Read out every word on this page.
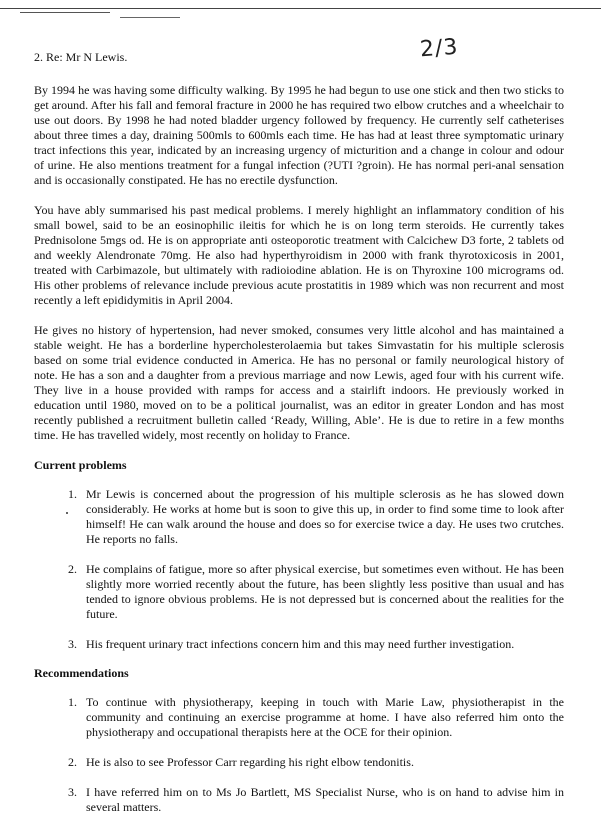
2/3
2. Re: Mr N Lewis.

By 1994 he was having some difficulty walking. By 1995 he had begun to use one stick and then two sticks to get around. After his fall and femoral fracture in 2000 he has required two elbow crutches and a wheelchair to use out doors. By 1998 he had noted bladder urgency followed by frequency. He currently self catheterises about three times a day, draining 500mls to 600mls each time. He has had at least three symptomatic urinary tract infections this year, indicated by an increasing urgency of micturition and a change in colour and odour of urine. He also mentions treatment for a fungal infection (?UTI ?groin). He has normal peri-anal sensation and is occasionally constipated. He has no erectile dysfunction.

You have ably summarised his past medical problems. I merely highlight an inflammatory condition of his small bowel, said to be an eosinophilic ileitis for which he is on long term steroids. He currently takes Prednisolone 5mgs od. He is on appropriate anti osteoporotic treatment with Calcichew D3 forte, 2 tablets od and weekly Alendronate 70mg. He also had hyperthyroidism in 2000 with frank thyrotoxicosis in 2001, treated with Carbimazole, but ultimately with radioiodine ablation. He is on Thyroxine 100 micrograms od. His other problems of relevance include previous acute prostatitis in 1989 which was non recurrent and most recently a left epididymitis in April 2004.

He gives no history of hypertension, had never smoked, consumes very little alcohol and has maintained a stable weight. He has a borderline hypercholesterolaemia but takes Simvastatin for his multiple sclerosis based on some trial evidence conducted in America. He has no personal or family neurological history of note. He has a son and a daughter from a previous marriage and now Lewis, aged four with his current wife. They live in a house provided with ramps for access and a stairlift indoors. He previously worked in education until 1980, moved on to be a political journalist, was an editor in greater London and has most recently published a recruitment bulletin called ‘Ready, Willing, Able’. He is due to retire in a few months time. He has travelled widely, most recently on holiday to France.

Current problems
1. Mr Lewis is concerned about the progression of his multiple sclerosis as he has slowed down considerably. He works at home but is soon to give this up, in order to find some time to look after himself! He can walk around the house and does so for exercise twice a day. He uses two crutches. He reports no falls.
2. He complains of fatigue, more so after physical exercise, but sometimes even without. He has been slightly more worried recently about the future, has been slightly less positive than usual and has tended to ignore obvious problems. He is not depressed but is concerned about the realities for the future.
3. His frequent urinary tract infections concern him and this may need further investigation.
Recommendations
1. To continue with physiotherapy, keeping in touch with Marie Law, physiotherapist in the community and continuing an exercise programme at home. I have also referred him onto the physiotherapy and occupational therapists here at the OCE for their opinion.
2. He is also to see Professor Carr regarding his right elbow tendonitis.
3. I have referred him on to Ms Jo Bartlett, MS Specialist Nurse, who is on hand to advise him in several matters.
